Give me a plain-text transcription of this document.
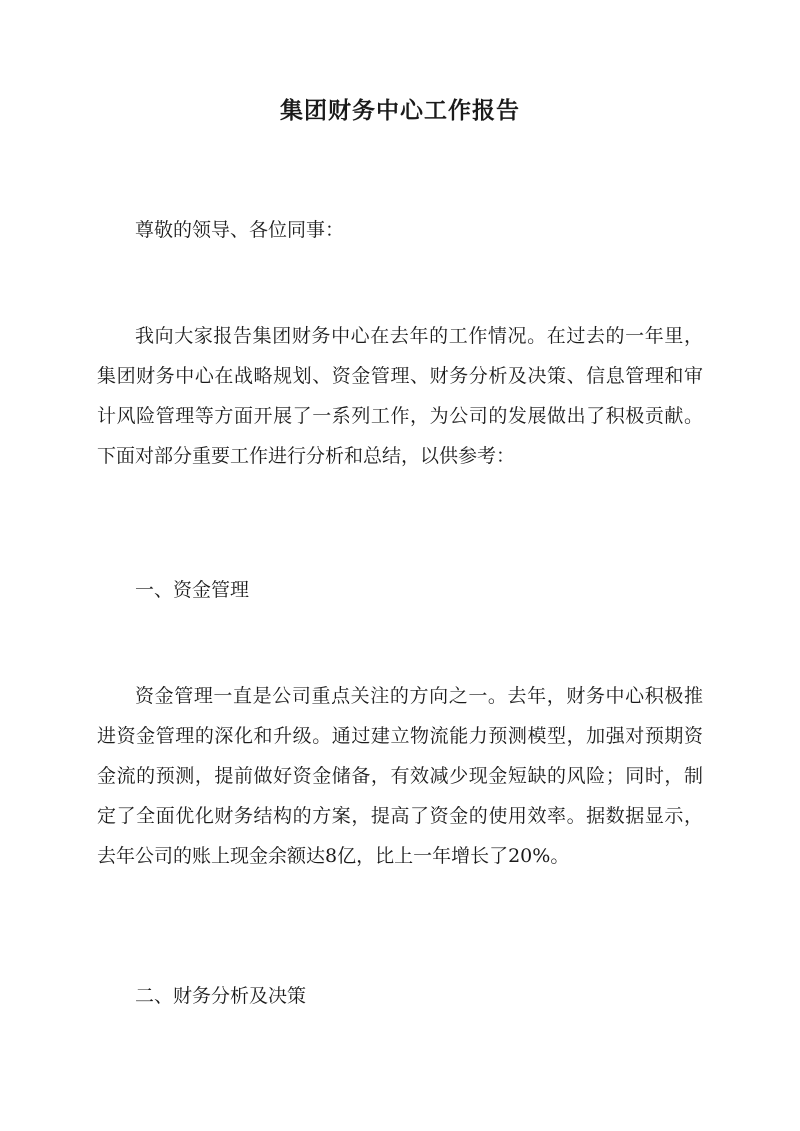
集团财务中心工作报告

尊敬的领导、各位同事：

我向大家报告集团财务中心在去年的工作情况。在过去的一年里，集团财务中心在战略规划、资金管理、财务分析及决策、信息管理和审计风险管理等方面开展了一系列工作，为公司的发展做出了积极贡献。下面对部分重要工作进行分析和总结，以供参考：

一、资金管理

资金管理一直是公司重点关注的方向之一。去年，财务中心积极推进资金管理的深化和升级。通过建立物流能力预测模型，加强对预期资金流的预测，提前做好资金储备，有效减少现金短缺的风险；同时，制定了全面优化财务结构的方案，提高了资金的使用效率。据数据显示，去年公司的账上现金余额达8亿，比上一年增长了20%。

二、财务分析及决策
